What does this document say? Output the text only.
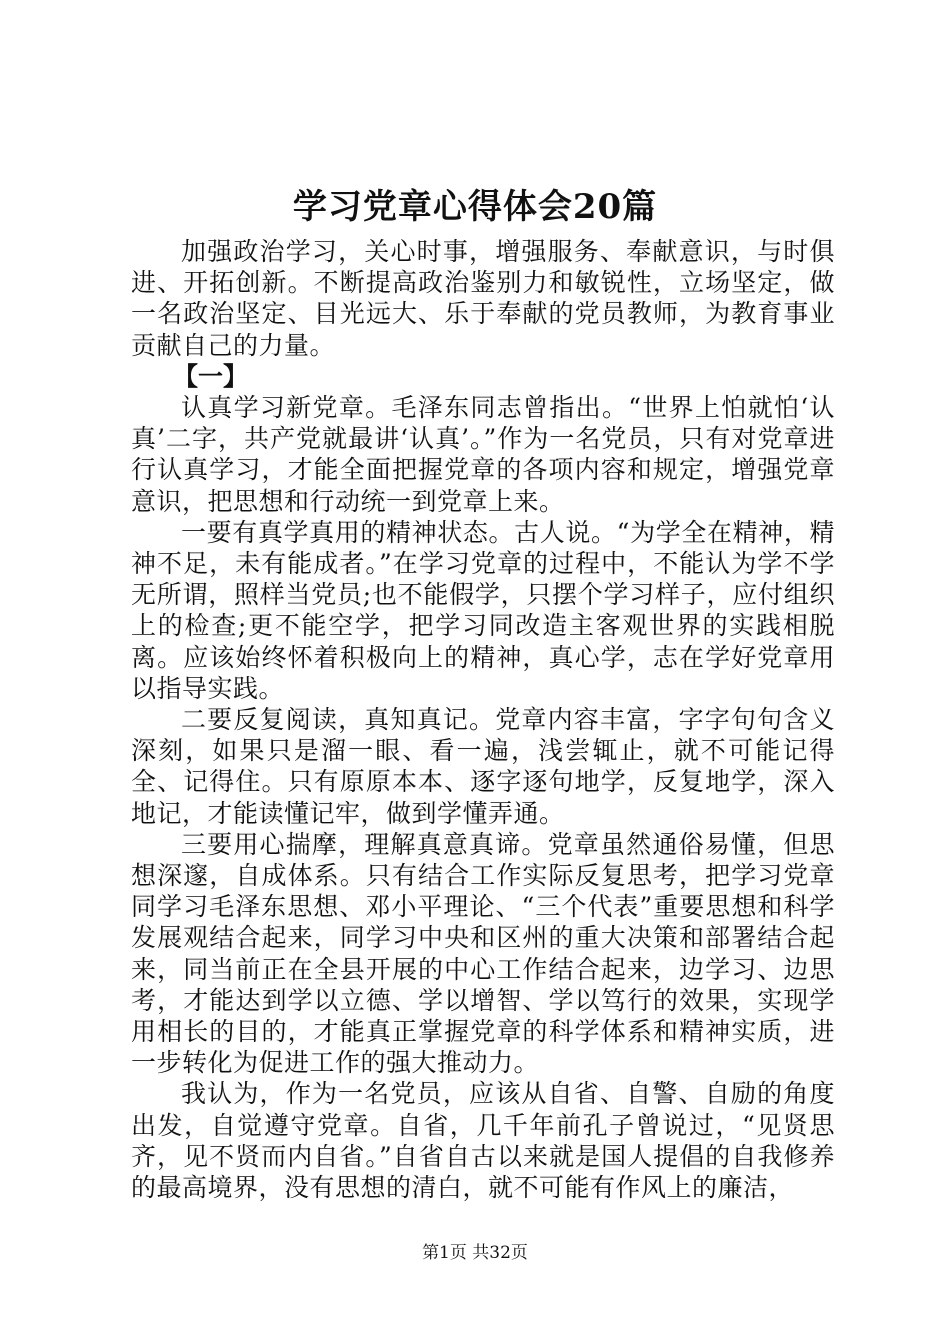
学习党章心得体会20篇

加强政治学习，关心时事，增强服务、奉献意识，与时俱进、开拓创新。不断提高政治鉴别力和敏锐性，立场坚定，做一名政治坚定、目光远大、乐于奉献的党员教师，为教育事业贡献自己的力量。

【一】

认真学习新党章。毛泽东同志曾指出。“世界上怕就怕‘认真’二字，共产党就最讲‘认真’。”作为一名党员，只有对党章进行认真学习，才能全面把握党章的各项内容和规定，增强党章意识，把思想和行动统一到党章上来。

一要有真学真用的精神状态。古人说。“为学全在精神，精神不足，未有能成者。”在学习党章的过程中，不能认为学不学无所谓，照样当党员;也不能假学，只摆个学习样子，应付组织上的检查;更不能空学，把学习同改造主客观世界的实践相脱离。应该始终怀着积极向上的精神，真心学，志在学好党章用以指导实践。

二要反复阅读，真知真记。党章内容丰富，字字句句含义深刻，如果只是溜一眼、看一遍，浅尝辄止，就不可能记得全、记得住。只有原原本本、逐字逐句地学，反复地学，深入地记，才能读懂记牢，做到学懂弄通。

三要用心揣摩，理解真意真谛。党章虽然通俗易懂，但思想深邃，自成体系。只有结合工作实际反复思考，把学习党章同学习毛泽东思想、邓小平理论、“三个代表”重要思想和科学发展观结合起来，同学习中央和区州的重大决策和部署结合起来，同当前正在全县开展的中心工作结合起来，边学习、边思考，才能达到学以立德、学以增智、学以笃行的效果，实现学用相长的目的，才能真正掌握党章的科学体系和精神实质，进一步转化为促进工作的强大推动力。

我认为，作为一名党员，应该从自省、自警、自励的角度出发，自觉遵守党章。自省，几千年前孔子曾说过，“见贤思齐，见不贤而内自省。”自省自古以来就是国人提倡的自我修养的最高境界，没有思想的清白，就不可能有作风上的廉洁，

第1页 共32页
